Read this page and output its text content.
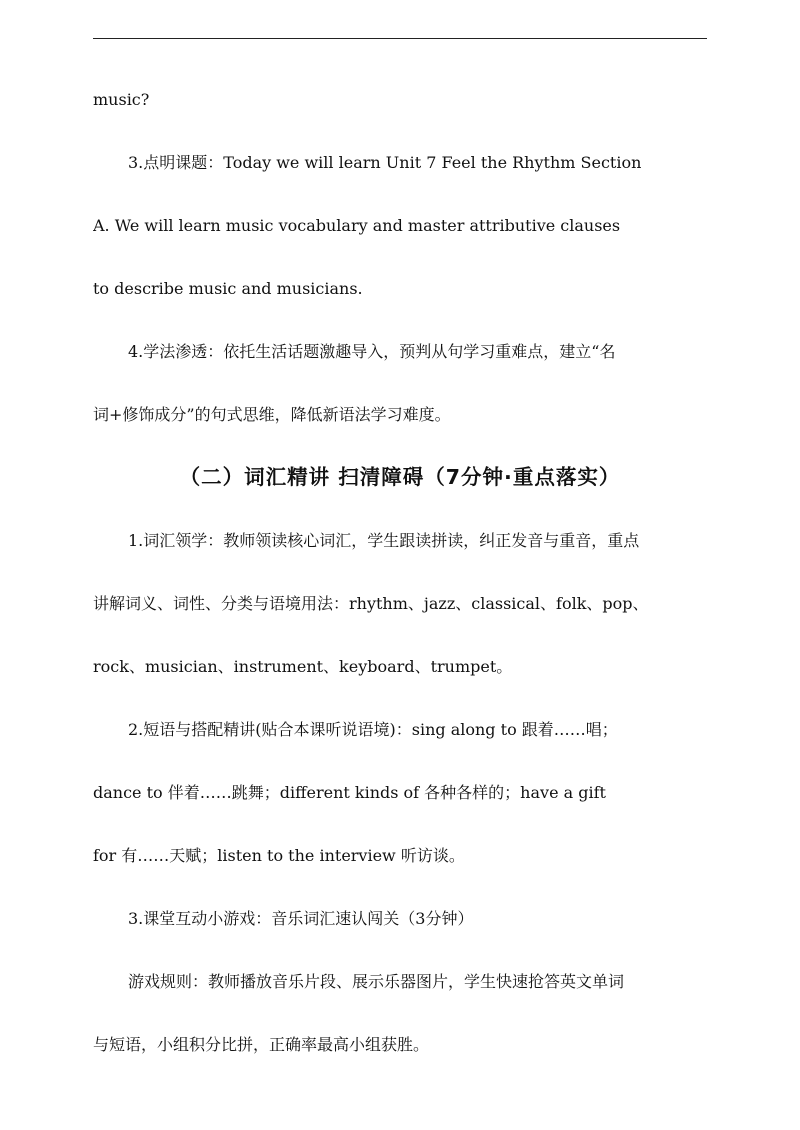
music?
3.点明课题：Today we will learn Unit 7 Feel the Rhythm Section
A. We will learn music vocabulary and master attributive clauses
to describe music and musicians.
4.学法渗透：依托生活话题激趣导入，预判从句学习重难点，建立“名
词+修饰成分”的句式思维，降低新语法学习难度。
（二）词汇精讲 扫清障碍（7分钟·重点落实）
1.词汇领学：教师领读核心词汇，学生跟读拼读，纠正发音与重音，重点
讲解词义、词性、分类与语境用法：rhythm、jazz、classical、folk、pop、
rock、musician、instrument、keyboard、trumpet。
2.短语与搭配精讲(贴合本课听说语境)：sing along to 跟着……唱；
dance to 伴着……跳舞；different kinds of 各种各样的；have a gift
for 有……天赋；listen to the interview 听访谈。
3.课堂互动小游戏：音乐词汇速认闯关（3分钟）
游戏规则：教师播放音乐片段、展示乐器图片，学生快速抢答英文单词
与短语，小组积分比拼，正确率最高小组获胜。
